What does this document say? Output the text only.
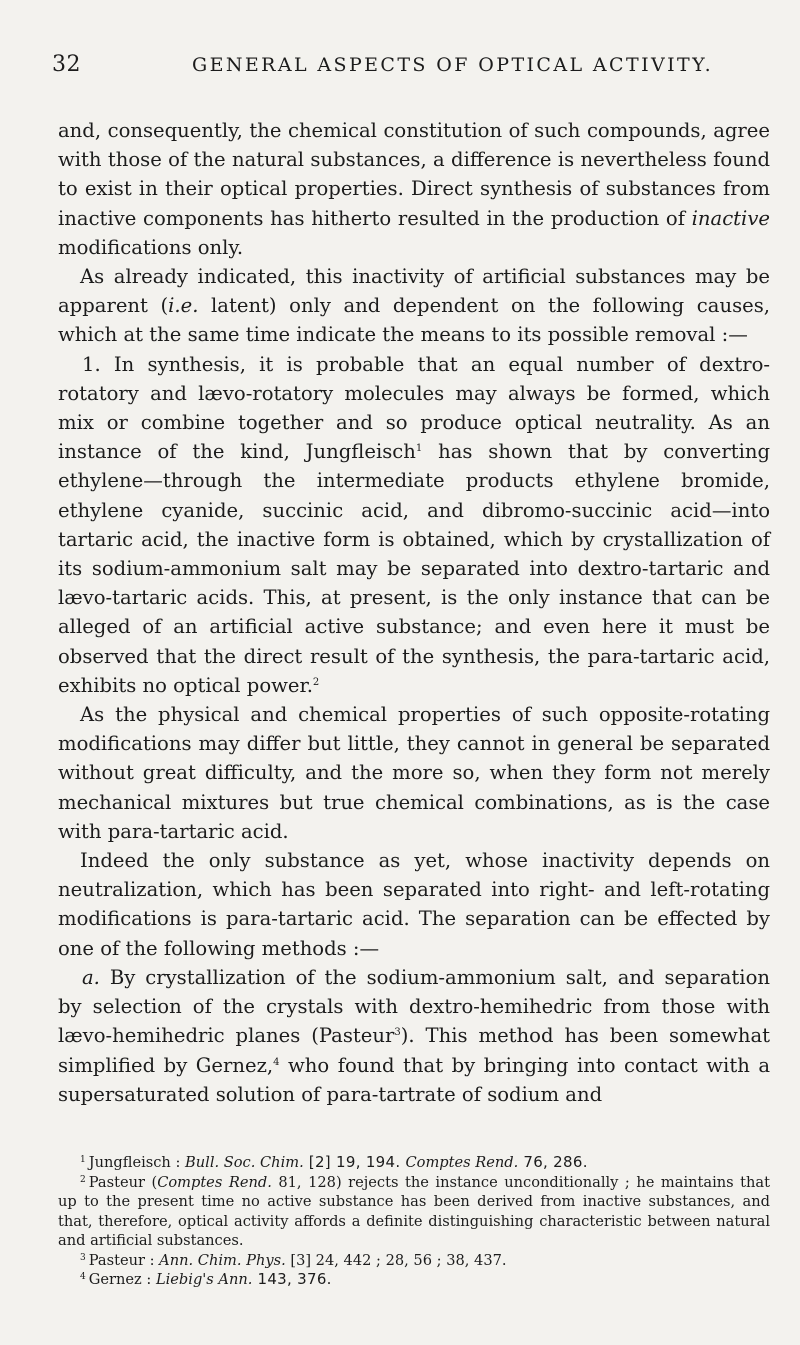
32	GENERAL ASPECTS OF OPTICAL ACTIVITY.

and, consequently, the chemical constitution of such compounds, agree with those of the natural substances, a difference is nevertheless found to exist in their optical properties. Direct synthesis of substances from inactive components has hitherto resulted in the production of inactive modifications only.

As already indicated, this inactivity of artificial substances may be apparent (i.e. latent) only and dependent on the following causes, which at the same time indicate the means to its possible removal :—

1. In synthesis, it is probable that an equal number of dextro-rotatory and lævo-rotatory molecules may always be formed, which mix or combine together and so produce optical neutrality. As an instance of the kind, Jungfleisch$^1$ has shown that by converting ethylene—through the intermediate products ethylene bromide, ethylene cyanide, succinic acid, and dibromo-succinic acid—into tartaric acid, the inactive form is obtained, which by crystallization of its sodium-ammonium salt may be separated into dextro-tartaric and lævo-tartaric acids. This, at present, is the only instance that can be alleged of an artificial active substance; and even here it must be observed that the direct result of the synthesis, the para-tartaric acid, exhibits no optical power.$^2$

As the physical and chemical properties of such opposite-rotating modifications may differ but little, they cannot in general be separated without great difficulty, and the more so, when they form not merely mechanical mixtures but true chemical combinations, as is the case with para-tartaric acid.

Indeed the only substance as yet, whose inactivity depends on neutralization, which has been separated into right- and left-rotating modifications is para-tartaric acid. The separation can be effected by one of the following methods :—

a. By crystallization of the sodium-ammonium salt, and separation by selection of the crystals with dextro-hemihedric from those with lævo-hemihedric planes (Pasteur$^3$). This method has been somewhat simplified by Gernez,$^4$ who found that by bringing into contact with a supersaturated solution of para-tartrate of sodium and

$^1$ Jungfleisch : Bull. Soc. Chim. [2] 19, 194. Comptes Rend. 76, 286.

$^2$ Pasteur (Comptes Rend. 81, 128) rejects the instance unconditionally ; he maintains that up to the present time no active substance has been derived from inactive substances, and that, therefore, optical activity affords a definite distinguishing characteristic between natural and artificial substances.

$^3$ Pasteur : Ann. Chim. Phys. [3] 24, 442 ; 28, 56 ; 38, 437.

$^4$ Gernez : Liebig's Ann. 143, 376.
